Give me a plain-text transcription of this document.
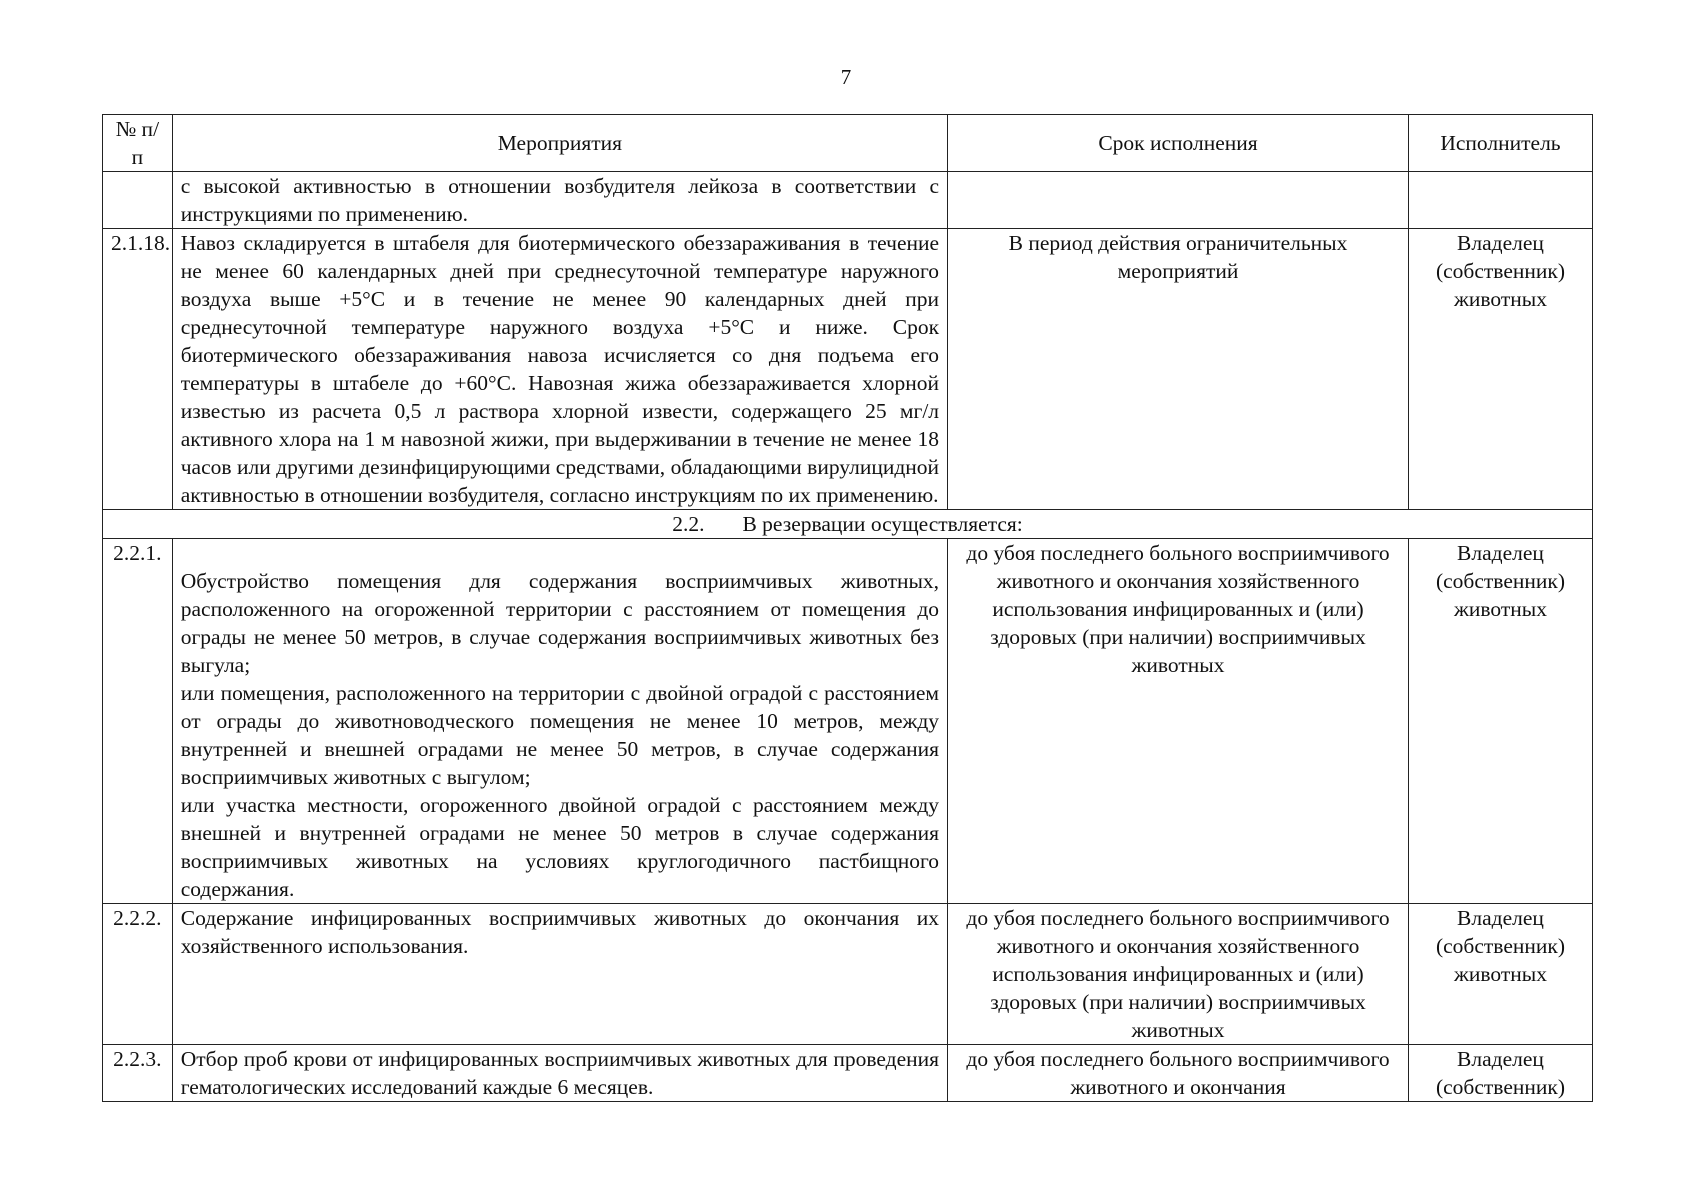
7
№ п/п	Мероприятия	Срок исполнения	Исполнитель
	с высокой активностью в отношении возбудителя лейкоза в соответствии с инструкциями по применению.		
2.1.18.	Навоз складируется в штабеля для биотермического обеззараживания в течение не менее 60 календарных дней при среднесуточной температуре наружного воздуха выше +5°С и в течение не менее 90 календарных дней при среднесуточной температуре наружного воздуха +5°С и ниже. Срок биотермического обеззараживания навоза исчисляется со дня подъема его температуры в штабеле до +60°С. Навозная жижа обеззараживается хлорной известью из расчета 0,5 л раствора хлорной извести, содержащего 25 мг/л активного хлора на 1 м навозной жижи, при выдерживании в течение не менее 18 часов или другими дезинфицирующими средствами, обладающими вирулицидной активностью в отношении возбудителя, согласно инструкциям по их применению.	В период действия ограничительных мероприятий	Владелец (собственник) животных
2.2. В резервации осуществляется:			
2.2.1.	Обустройство помещения для содержания восприимчивых животных, расположенного на огороженной территории с расстоянием от помещения до ограды не менее 50 метров, в случае содержания восприимчивых животных без выгула;
или помещения, расположенного на территории с двойной оградой с расстоянием от ограды до животноводческого помещения не менее 10 метров, между внутренней и внешней оградами не менее 50 метров, в случае содержания восприимчивых животных с выгулом;
или участка местности, огороженного двойной оградой с расстоянием между внешней и внутренней оградами не менее 50 метров в случае содержания восприимчивых животных на условиях круглогодичного пастбищного содержания.	до убоя последнего больного восприимчивого животного и окончания хозяйственного использования инфицированных и (или) здоровых (при наличии) восприимчивых животных	Владелец (собственник) животных
2.2.2.	Содержание инфицированных восприимчивых животных до окончания их хозяйственного использования.	до убоя последнего больного восприимчивого животного и окончания хозяйственного использования инфицированных и (или) здоровых (при наличии) восприимчивых животных	Владелец (собственник) животных
2.2.3.	Отбор проб крови от инфицированных восприимчивых животных для проведения гематологических исследований каждые 6 месяцев.	до убоя последнего больного восприимчивого животного и окончания	Владелец (собственник)
